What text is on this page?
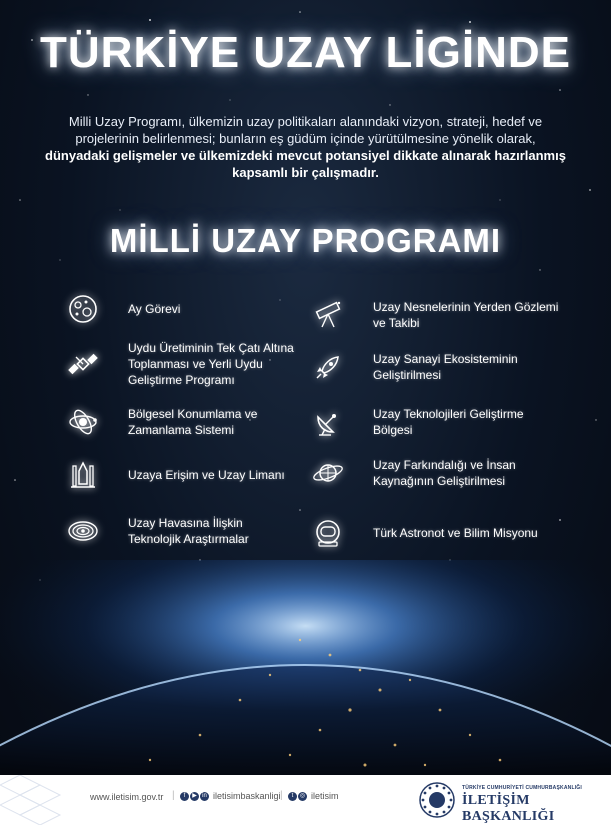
TÜRKİYE UZAY LİGİNDE
Milli Uzay Programı, ülkemizin uzay politikaları alanındaki vizyon, strateji, hedef ve projelerinin belirlenmesi; bunların eş güdüm içinde yürütülmesine yönelik olarak,
dünyadaki gelişmeler ve ülkemizdeki mevcut potansiyel dikkate alınarak hazırlanmış kapsamlı bir çalışmadır.
MİLLİ UZAY PROGRAMI
Ay Görevi
Uydu Üretiminin Tek Çatı Altına Toplanması ve Yerli Uydu Geliştirme Programı
Bölgesel Konumlama ve Zamanlama Sistemi
Uzaya Erişim ve Uzay Limanı
Uzay Havasına İlişkin Teknolojik Araştırmalar
Uzay Nesnelerinin Yerden Gözlemi ve Takibi
Uzay Sanayi Ekosisteminin Geliştirilmesi
Uzay Teknolojileri Geliştirme Bölgesi
Uzay Farkındalığı ve İnsan Kaynağının Geliştirilmesi
Türk Astronot ve Bilim Misyonu
www.iletisim.gov.tr |	f	▶ in iletisimbaskanligi |	t	◎ iletisim
TÜRKİYE CUMHURİYETİ CUMHURBAŞKANLIĞI
İLETİŞİM BAŞKANLIĞI
